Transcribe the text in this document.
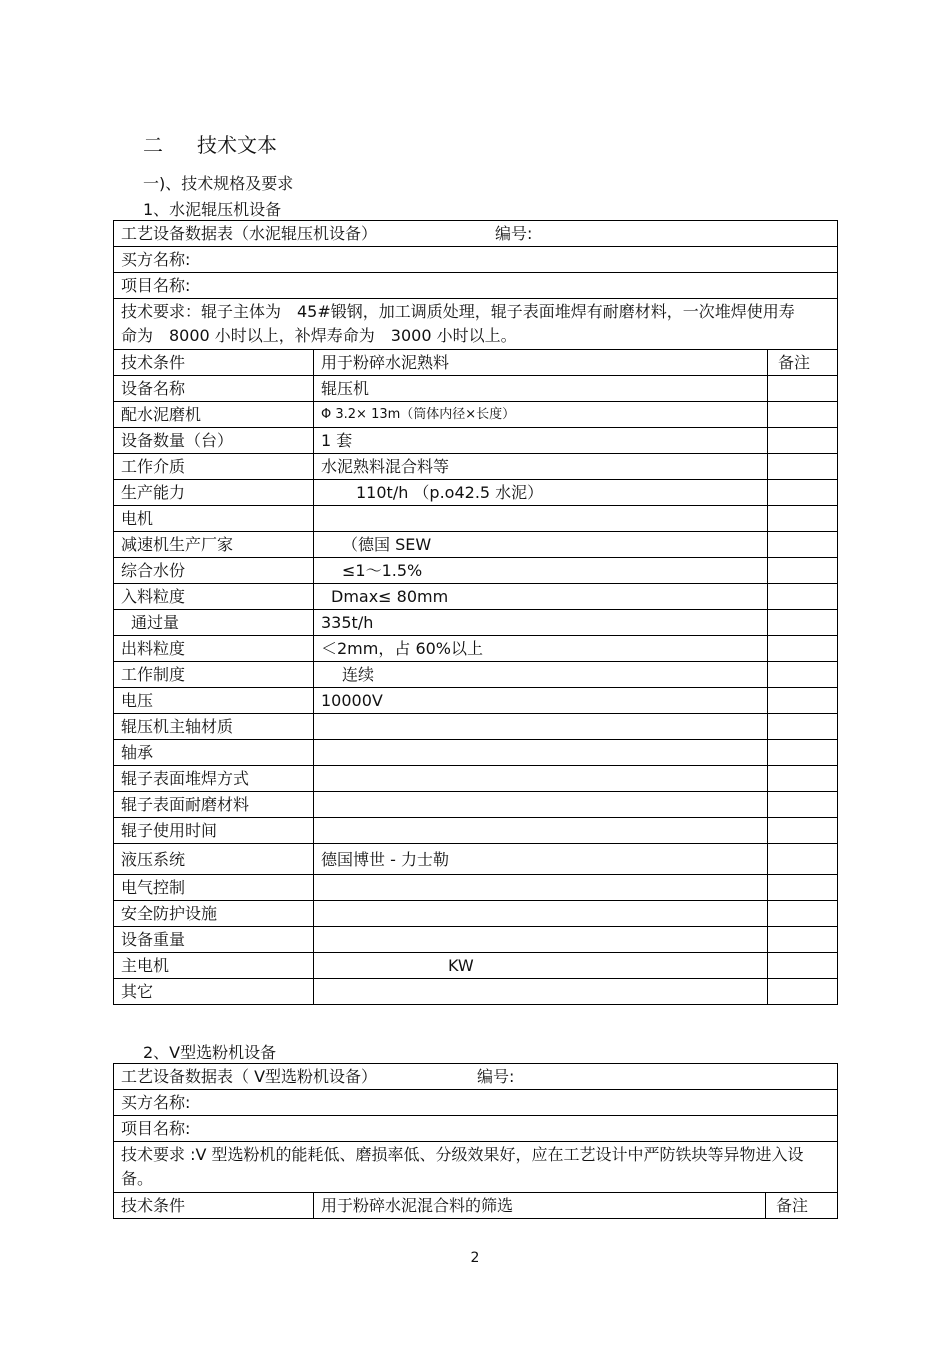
二 技术文本
一)、技术规格及要求
1、水泥辊压机设备
工艺设备数据表（水泥辊压机设备） 编号:		
买方名称:		
项目名称:		
技术要求：辊子主体为　45#锻钢，加工调质处理，辊子表面堆焊有耐磨材料，一次堆焊使用寿命为　8000 小时以上，补焊寿命为　3000 小时以上。		
技术条件	用于粉碎水泥熟料	备注
设备名称	辊压机	
配水泥磨机	Φ 3.2× 13m（筒体内径×长度）	
设备数量（台）	1 套	
工作介质	水泥熟料混合料等	
生产能力	110t/h （p.o42.5 水泥）	
电机		
减速机生产厂家	（德国 SEW	
综合水份	≤1～1.5%	
入料粒度	Dmax≤ 80mm	
通过量	335t/h	
出料粒度	＜2mm，占 60%以上	
工作制度	连续	
电压	10000V	
辊压机主轴材质		
轴承		
辊子表面堆焊方式		
辊子表面耐磨材料		
辊子使用时间		
液压系统	德国博世 - 力士勒	
电气控制		
安全防护设施		
设备重量		
主电机	KW	
其它		
2、V型选粉机设备
工艺设备数据表（ V型选粉机设备）	编号:
买方名称:
项目名称:
技术要求 :V 型选粉机的能耗低、磨损率低、分级效果好，应在工艺设计中严防铁块等异物进入设备。
技术条件	用于粉碎水泥混合料的筛选	备注
2
